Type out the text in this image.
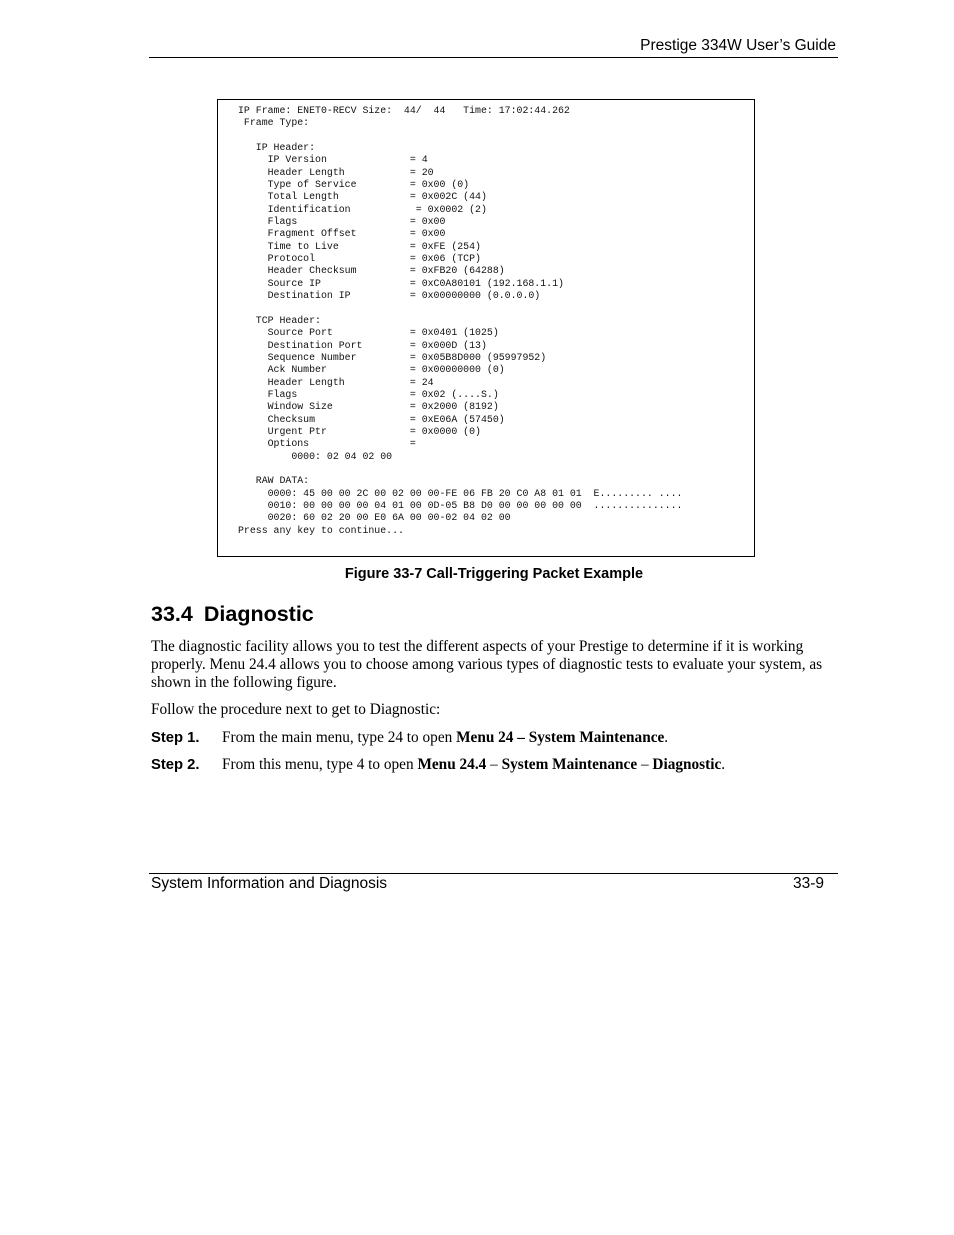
Prestige 334W User’s Guide
IP Frame: ENET0-RECV Size:  44/  44   Time: 17:02:44.262
Frame Type:

IP Header:
IP Version              = 4
Header Length           = 20
Type of Service         = 0x00 (0)
Total Length            = 0x002C (44)
Identification           = 0x0002 (2)
Flags                   = 0x00
Fragment Offset         = 0x00
Time to Live            = 0xFE (254)
Protocol                = 0x06 (TCP)
Header Checksum         = 0xFB20 (64288)
Source IP               = 0xC0A80101 (192.168.1.1)
Destination IP          = 0x00000000 (0.0.0.0)

TCP Header:
Source Port             = 0x0401 (1025)
Destination Port        = 0x000D (13)
Sequence Number         = 0x05B8D000 (95997952)
Ack Number              = 0x00000000 (0)
Header Length           = 24
Flags                   = 0x02 (....S.)
Window Size             = 0x2000 (8192)
Checksum                = 0xE06A (57450)
Urgent Ptr              = 0x0000 (0)
Options                 =
0000: 02 04 02 00

RAW DATA:
0000: 45 00 00 2C 00 02 00 00-FE 06 FB 20 C0 A8 01 01  E......... ....
0010: 00 00 00 00 04 01 00 0D-05 B8 D0 00 00 00 00 00  ...............
0020: 60 02 20 00 E0 6A 00 00-02 04 02 00
Press any key to continue...

Figure 33-7 Call-Triggering Packet Example
33.4 Diagnostic

The diagnostic facility allows you to test the different aspects of your Prestige to determine if it is working properly. Menu 24.4 allows you to choose among various types of diagnostic tests to evaluate your system, as shown in the following figure.

Follow the procedure next to get to Diagnostic:

Step 1. From the main menu, type 24 to open Menu 24 – System Maintenance.
Step 2. From this menu, type 4 to open Menu 24.4 – System Maintenance – Diagnostic.
System Information and Diagnosis	33-9
